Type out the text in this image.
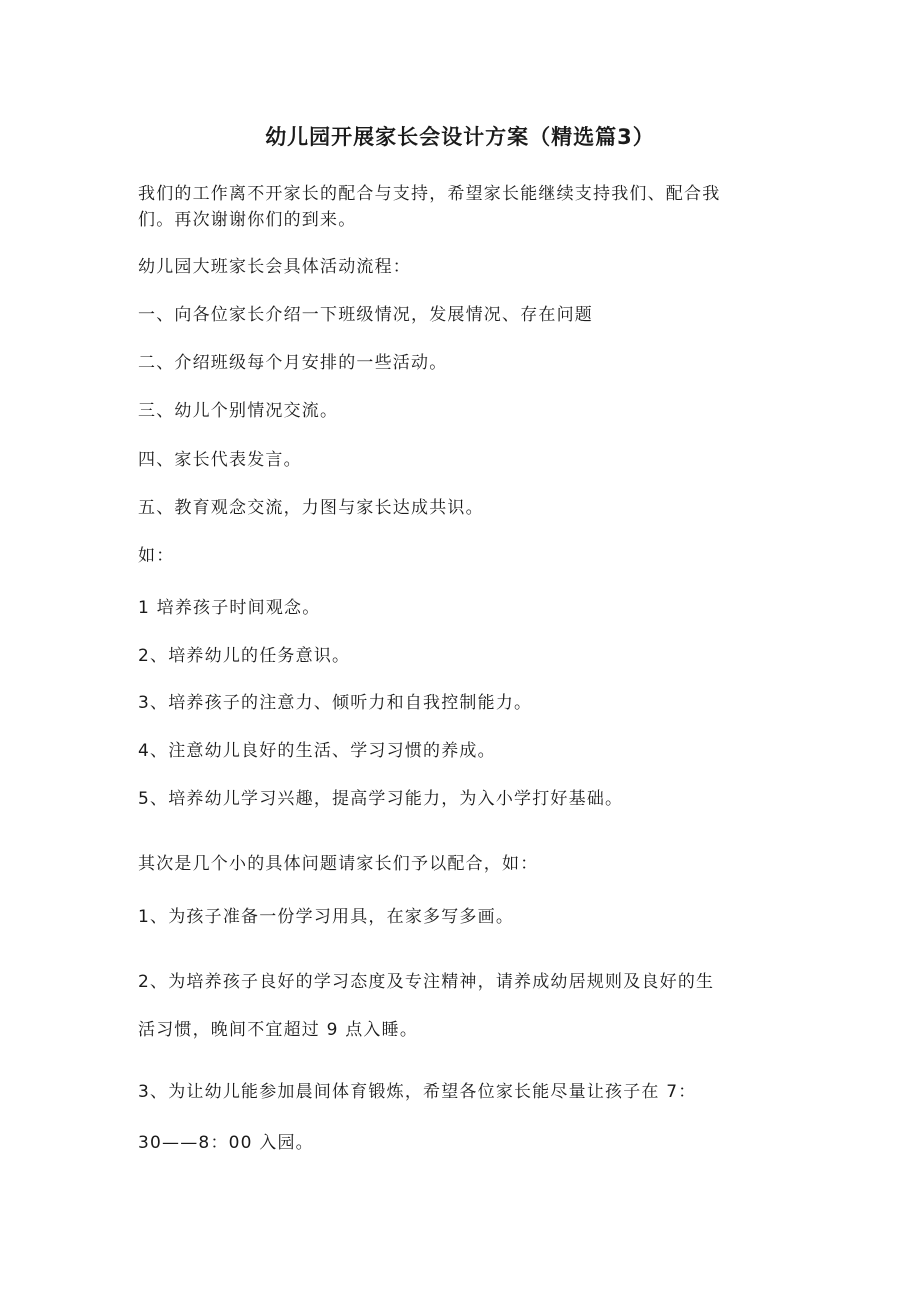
幼儿园开展家长会设计方案（精选篇3）
我们的工作离不开家长的配合与支持，希望家长能继续支持我们、配合我
们。再次谢谢你们的到来。
幼儿园大班家长会具体活动流程：
一、向各位家长介绍一下班级情况，发展情况、存在问题
二、介绍班级每个月安排的一些活动。
三、幼儿个别情况交流。
四、家长代表发言。
五、教育观念交流，力图与家长达成共识。
如：
1 培养孩子时间观念。
2、培养幼儿的任务意识。
3、培养孩子的注意力、倾听力和自我控制能力。
4、注意幼儿良好的生活、学习习惯的养成。
5、培养幼儿学习兴趣，提高学习能力，为入小学打好基础。
其次是几个小的具体问题请家长们予以配合，如：
1、为孩子准备一份学习用具，在家多写多画。
2、为培养孩子良好的学习态度及专注精神，请养成幼居规则及良好的生
活习惯，晚间不宜超过 9 点入睡。
3、为让幼儿能参加晨间体育锻炼，希望各位家长能尽量让孩子在 7：
30——8：00 入园。
